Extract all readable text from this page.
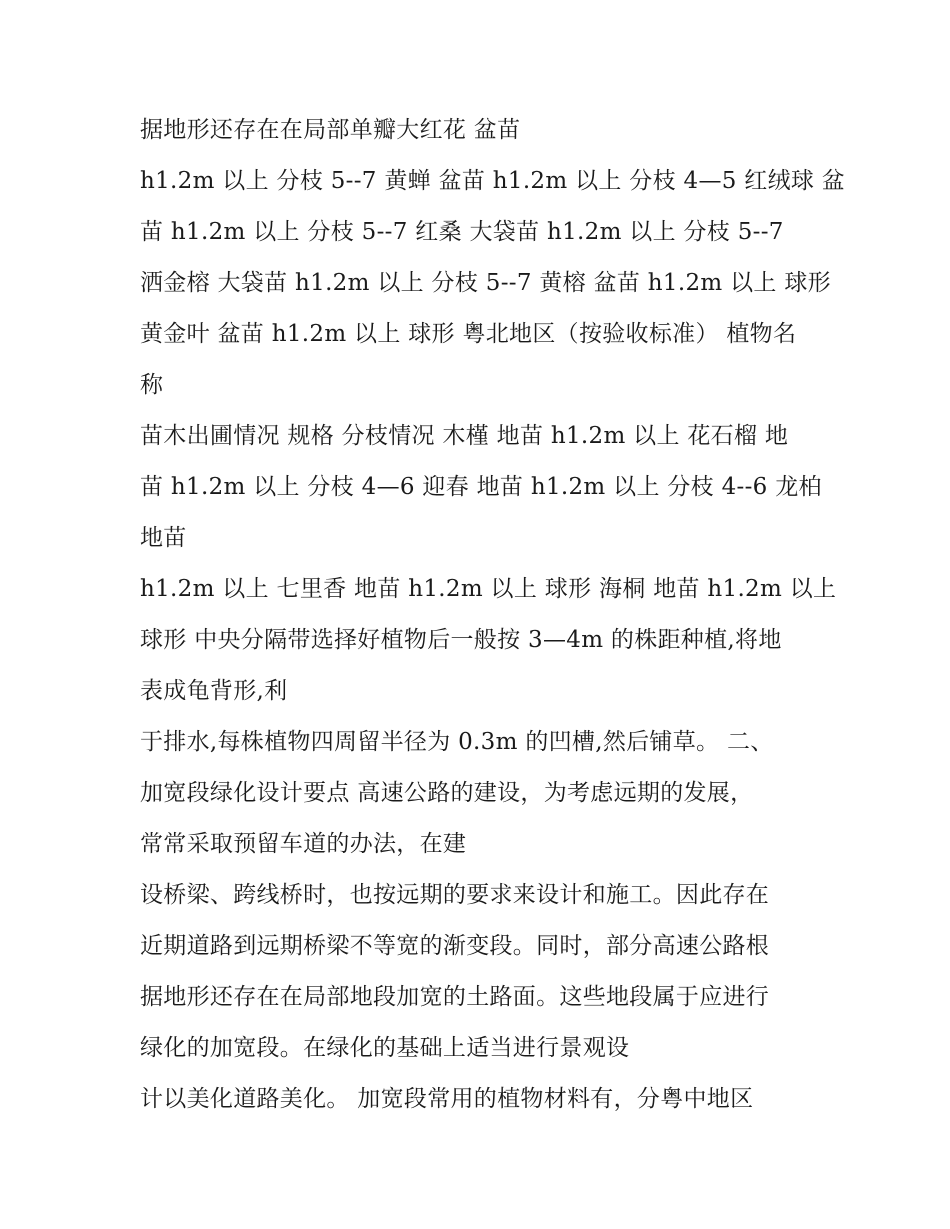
据地形还存在在局部单瓣大红花 盆苗
h1.2m 以上 分枝 5--7 黄蝉 盆苗 h1.2m 以上 分枝 4—5 红绒球 盆
苗 h1.2m 以上 分枝 5--7 红桑 大袋苗 h1.2m 以上 分枝 5--7
洒金榕 大袋苗 h1.2m 以上 分枝 5--7 黄榕 盆苗 h1.2m 以上 球形
黄金叶 盆苗 h1.2m 以上 球形 粤北地区（按验收标准） 植物名
称
苗木出圃情况 规格 分枝情况 木槿 地苗 h1.2m 以上 花石榴 地
苗 h1.2m 以上 分枝 4—6 迎春 地苗 h1.2m 以上 分枝 4--6 龙柏
地苗
h1.2m 以上 七里香 地苗 h1.2m 以上 球形 海桐 地苗 h1.2m 以上
球形 中央分隔带选择好植物后一般按 3—4m 的株距种植,将地
表成龟背形,利
于排水,每株植物四周留半径为 0.3m 的凹槽,然后铺草。 二、
加宽段绿化设计要点 高速公路的建设，为考虑远期的发展，
常常采取预留车道的办法，在建
设桥梁、跨线桥时，也按远期的要求来设计和施工。因此存在
近期道路到远期桥梁不等宽的渐变段。同时，部分高速公路根
据地形还存在在局部地段加宽的土路面。这些地段属于应进行
绿化的加宽段。在绿化的基础上适当进行景观设
计以美化道路美化。 加宽段常用的植物材料有，分粤中地区
